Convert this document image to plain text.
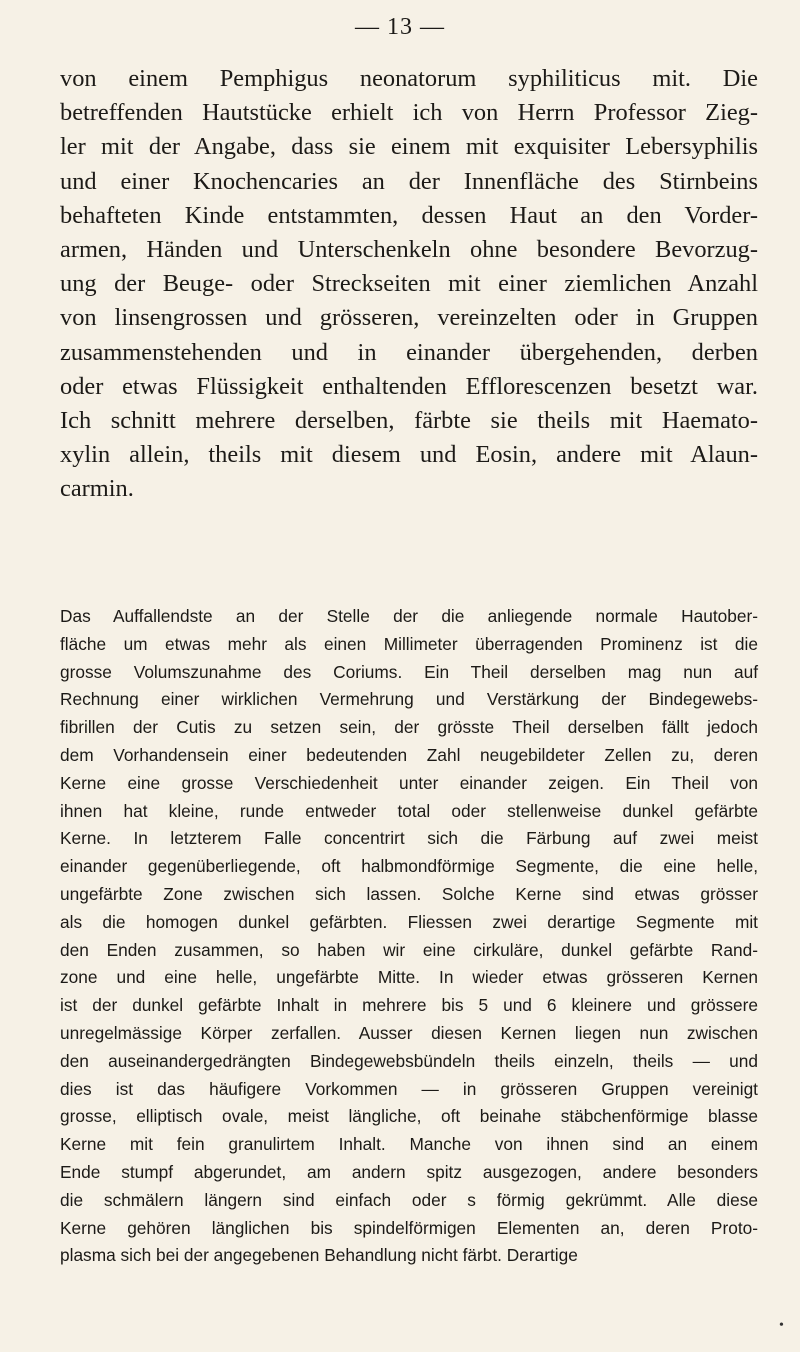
— 13 —
von einem Pemphigus neonatorum syphiliticus mit. Die
betreffenden Hautstücke erhielt ich von Herrn Professor Zieg-
ler mit der Angabe, dass sie einem mit exquisiter Lebersyphilis
und einer Knochencaries an der Innenfläche des Stirnbeins
behafteten Kinde entstammten, dessen Haut an den Vorder-
armen, Händen und Unterschenkeln ohne besondere Bevorzug-
ung der Beuge- oder Streckseiten mit einer ziemlichen Anzahl
von linsengrossen und grösseren, vereinzelten oder in Gruppen
zusammenstehenden und in einander übergehenden, derben
oder etwas Flüssigkeit enthaltenden Efflorescenzen besetzt war.
Ich schnitt mehrere derselben, färbte sie theils mit Haemato-
xylin allein, theils mit diesem und Eosin, andere mit Alaun-
carmin.
Das Auffallendste an der Stelle der die anliegende normale Hautober-
fläche um etwas mehr als einen Millimeter überragenden Prominenz ist die
grosse Volumszunahme des Coriums. Ein Theil derselben mag nun auf
Rechnung einer wirklichen Vermehrung und Verstärkung der Bindegewebs-
fibrillen der Cutis zu setzen sein, der grösste Theil derselben fällt jedoch
dem Vorhandensein einer bedeutenden Zahl neugebildeter Zellen zu, deren
Kerne eine grosse Verschiedenheit unter einander zeigen. Ein Theil von
ihnen hat kleine, runde entweder total oder stellenweise dunkel gefärbte
Kerne. In letzterem Falle concentrirt sich die Färbung auf zwei meist
einander gegenüberliegende, oft halbmondförmige Segmente, die eine helle,
ungefärbte Zone zwischen sich lassen. Solche Kerne sind etwas grösser
als die homogen dunkel gefärbten. Fliessen zwei derartige Segmente mit
den Enden zusammen, so haben wir eine cirkuläre, dunkel gefärbte Rand-
zone und eine helle, ungefärbte Mitte. In wieder etwas grösseren Kernen
ist der dunkel gefärbte Inhalt in mehrere bis 5 und 6 kleinere und grössere
unregelmässige Körper zerfallen. Ausser diesen Kernen liegen nun zwischen
den auseinandergedrängten Bindegewebsbündeln theils einzeln, theils — und
dies ist das häufigere Vorkommen — in grösseren Gruppen vereinigt
grosse, elliptisch ovale, meist längliche, oft beinahe stäbchenförmige blasse
Kerne mit fein granulirtem Inhalt. Manche von ihnen sind an einem
Ende stumpf abgerundet, am andern spitz ausgezogen, andere besonders
die schmälern längern sind einfach oder s förmig gekrümmt. Alle diese
Kerne gehören länglichen bis spindelförmigen Elementen an, deren Proto-
plasma sich bei der angegebenen Behandlung nicht färbt. Derartige
•
